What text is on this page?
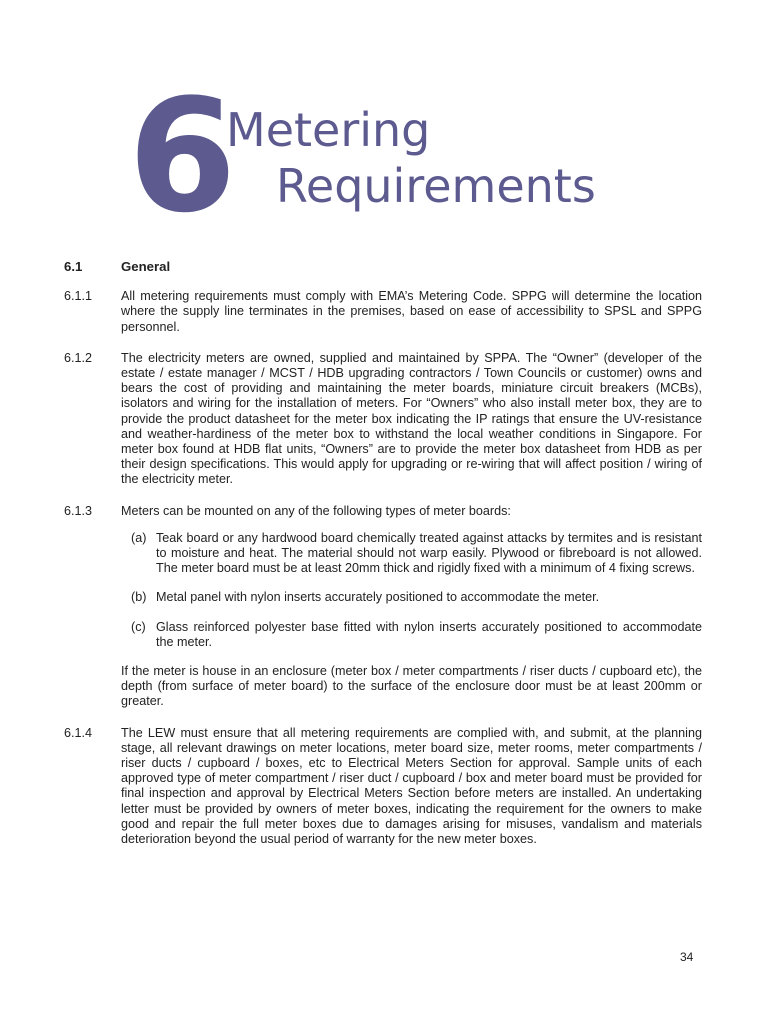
6
Metering
Requirements
6.1	General
6.1.1	All metering requirements must comply with EMA’s Metering Code. SPPG will determine the location where the supply line terminates in the premises, based on ease of accessibility to SPSL and SPPG personnel.
6.1.2	The electricity meters are owned, supplied and maintained by SPPA. The “Owner” (developer of the estate / estate manager / MCST / HDB upgrading contractors / Town Councils or customer) owns and bears the cost of providing and maintaining the meter boards, miniature circuit breakers (MCBs), isolators and wiring for the installation of meters. For “Owners” who also install meter box, they are to provide the product datasheet for the meter box indicating the IP ratings that ensure the UV-resistance and weather-hardiness of the meter box to withstand the local weather conditions in Singapore. For meter box found at HDB flat units, “Owners” are to provide the meter box datasheet from HDB as per their design specifications. This would apply for upgrading or re-wiring that will affect position / wiring of the electricity meter.
6.1.3	Meters can be mounted on any of the following types of meter boards:
(a) Teak board or any hardwood board chemically treated against attacks by termites and is resistant to moisture and heat. The material should not warp easily. Plywood or fibreboard is not allowed. The meter board must be at least 20mm thick and rigidly fixed with a minimum of 4 fixing screws.
(b) Metal panel with nylon inserts accurately positioned to accommodate the meter.
(c) Glass reinforced polyester base fitted with nylon inserts accurately positioned to accommodate the meter.
If the meter is house in an enclosure (meter box / meter compartments / riser ducts / cupboard etc), the depth (from surface of meter board) to the surface of the enclosure door must be at least 200mm or greater.
6.1.4	The LEW must ensure that all metering requirements are complied with, and submit, at the planning stage, all relevant drawings on meter locations, meter board size, meter rooms, meter compartments / riser ducts / cupboard / boxes, etc to Electrical Meters Section for approval. Sample units of each approved type of meter compartment / riser duct / cupboard / box and meter board must be provided for final inspection and approval by Electrical Meters Section before meters are installed. An undertaking letter must be provided by owners of meter boxes, indicating the requirement for the owners to make good and repair the full meter boxes due to damages arising for misuses, vandalism and materials deterioration beyond the usual period of warranty for the new meter boxes.
34
